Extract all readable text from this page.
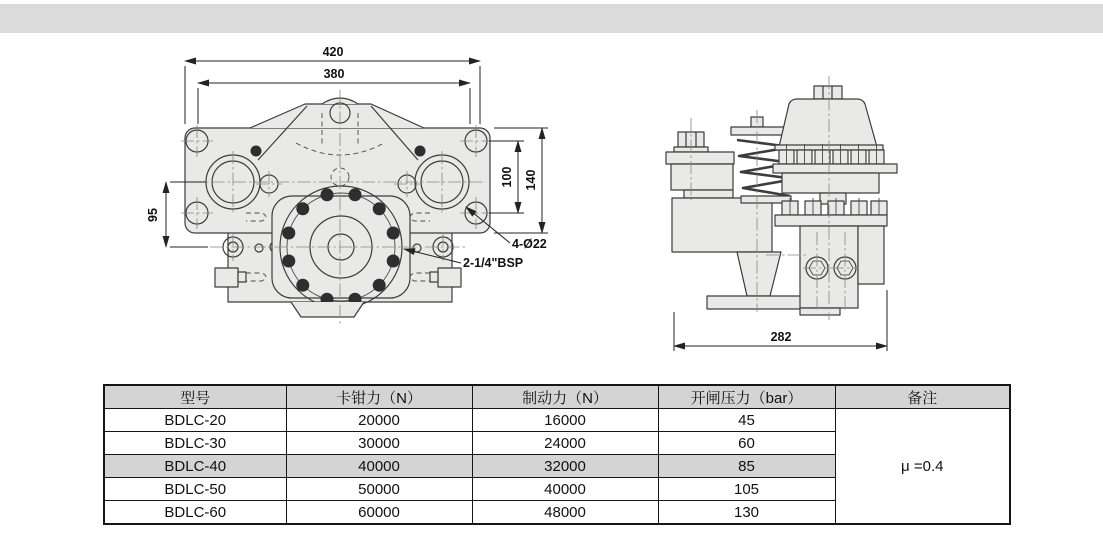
420
380
95
100 140
4-Ø22
2-1/4"BSP
282
型号	卡钳力（N）	制动力（N）	开闸压力（bar）	备注
BDLC-20	20000	16000	45	μ =0.4
BDLC-30	30000	24000	60	
BDLC-40	40000	32000	85	
BDLC-50	50000	40000	105	
BDLC-60	60000	48000	130	
